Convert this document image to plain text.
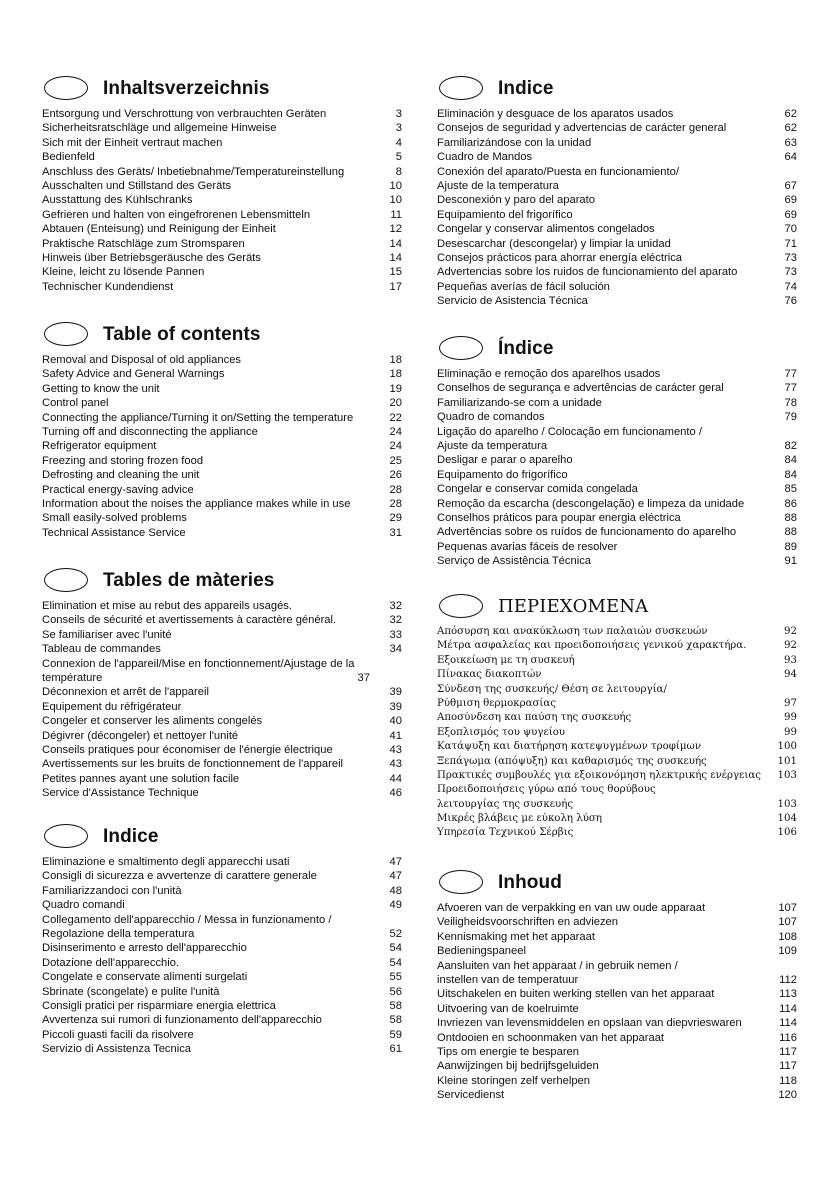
Inhaltsverzeichnis
Entsorgung und Verschrottung von verbrauchten Geräten	3
Sicherheitsratschläge und allgemeine Hinweise	3
Sich mit der Einheit vertraut machen	4
Bedienfeld	5
Anschluss des Geräts/ Inbetiebnahme/Temperatureinstellung	8
Ausschalten und Stillstand des Geräts	10
Ausstattung des Kühlschranks	10
Gefrieren und halten von eingefrorenen Lebensmitteln	11
Abtauen (Enteisung) und Reinigung der Einheit	12
Praktische Ratschläge zum Stromsparen	14
Hinweis über Betriebsgeräusche des Geräts	14
Kleine, leicht zu lösende Pannen	15
Technischer Kundendienst	17
Table of contents
Removal and Disposal of old appliances	18
Safety Advice and General Warnings	18
Getting to know the unit	19
Control panel	20
Connecting the appliance/Turning it on/Setting the temperature	22
Turning off and disconnecting the appliance	24
Refrigerator equipment	24
Freezing and storing frozen food	25
Defrosting and cleaning the unit	26
Practical energy-saving advice	28
Information about the noises the appliance makes while in use	28
Small easily-solved problems	29
Technical Assistance Service	31
Tables de màteries
Elimination et mise au rebut des appareils usagés.	32
Conseils de sécurité et avertissements à caractère général.	32
Se familiariser avec l'unité	33
Tableau de commandes	34
Connexion de l'appareil/Mise en fonctionnement/Ajustage de la
température	37
Déconnexion et arrêt de l'appareil	39
Equipement du réfrigérateur	39
Congeler et conserver les aliments congelés	40
Dégivrer (décongeler) et nettoyer l'unité	41
Conseils pratiques pour économiser de l'énergie électrique	43
Avertissements sur les bruits de fonctionnement de l'appareil	43
Petites pannes ayant une solution facile	44
Service d'Assistance Technique	46
Indice
Eliminazione e smaltimento degli apparecchi usati	47
Consigli di sicurezza e avvertenze di carattere generale	47
Familiarizzandoci con l'unità	48
Quadro comandi	49
Collegamento dell'apparecchio / Messa in funzionamento /
Regolazione della temperatura	52
Disinserimento e arresto dell'apparecchio	54
Dotazione dell'apparecchio.	54
Congelate e conservate alimenti surgelati	55
Sbrinate (scongelate) e pulite l'unità	56
Consigli pratici per risparmiare energia elettrica	58
Avvertenza sui rumori di funzionamento dell'apparecchio	58
Piccoli guasti facili da risolvere	59
Servizio di Assistenza Tecnica	61
Indice
Eliminación y desguace de los aparatos usados	62
Consejos de seguridad y advertencias de carácter general	62
Familiarizándose con la unidad	63
Cuadro de Mandos	64
Conexión del aparato/Puesta en funcionamiento/
Ajuste de la temperatura	67
Desconexión y paro del aparato	69
Equipamiento del frigorífico	69
Congelar y conservar alimentos congelados	70
Desescarchar (descongelar) y limpiar la unidad	71
Consejos prácticos para ahorrar energía eléctrica	73
Advertencias sobre los ruidos de funcionamiento del aparato	73
Pequeñas averías de fácil solución	74
Servicio de Asistencia Técnica	76
Índice
Eliminação e remoção dos aparelhos usados	77
Conselhos de segurança e advertências de carácter geral	77
Familiarizando-se com a unidade	78
Quadro de comandos	79
Ligação do aparelho / Colocação em funcionamento /
Ajuste da temperatura	82
Desligar e parar o aparelho	84
Equipamento do frigorífico	84
Congelar e conservar comida congelada	85
Remoção da escarcha (descongelação) e limpeza da unidade	86
Conselhos práticos para poupar energia eléctrica	88
Advertências sobre os ruídos de funcionamento do aparelho	88
Pequenas avarias fáceis de resolver	89
Serviço de Assistência Técnica	91
ΠΕΡΙΕΧΟΜΕΝΑ
Απόσυρση και ανακύκλωση των παλαιών συσκευών	92
Μέτρα ασφαλείας και προειδοποιήσεις γενικού χαρακτήρα.	92
Εξοικείωση με τη συσκευή	93
Πίνακας διακοπτών	94
Σύνδεση της συσκευής/ Θέση σε λειτουργία/
Ρύθμιση θερμοκρασίας	97
Αποσύνδεση και παύση της συσκευής	99
Εξοπλισμός του ψυγείου	99
Κατάψυξη και διατήρηση κατεψυγμένων τροφίμων	100
Ξεπάγωμα (απόψυξη) και καθαρισμός της συσκευής	101
Πρακτικές συμβουλές για εξοικονόμηση ηλεκτρικής ενέργειας 103
Προειδοποιήσεις γύρω από τους θορύβους
λειτουργίας της συσκευής	103
Μικρές βλάβεις με εύκολη λύση	104
Υπηρεσία Τεχνικού Σέρβις	106
Inhoud
Afvoeren van de verpakking en van uw oude apparaat	107
Veiligheidsvoorschriften en adviezen	107
Kennismaking met het apparaat	108
Bedieningspaneel	109
Aansluiten van het apparaat / in gebruik nemen /
instellen van de temperatuur	112
Uitschakelen en buiten werking stellen van het apparaat	113
Uitvoering van de koelruimte	114
Invriezen van levensmiddelen en opslaan van diepvrieswaren	114
Ontdooien en schoonmaken van het apparaat	116
Tips om energie te besparen	117
Aanwijzingen bij bedrijfsgeluiden	117
Kleine storingen zelf verhelpen	118
Servicedienst	120
